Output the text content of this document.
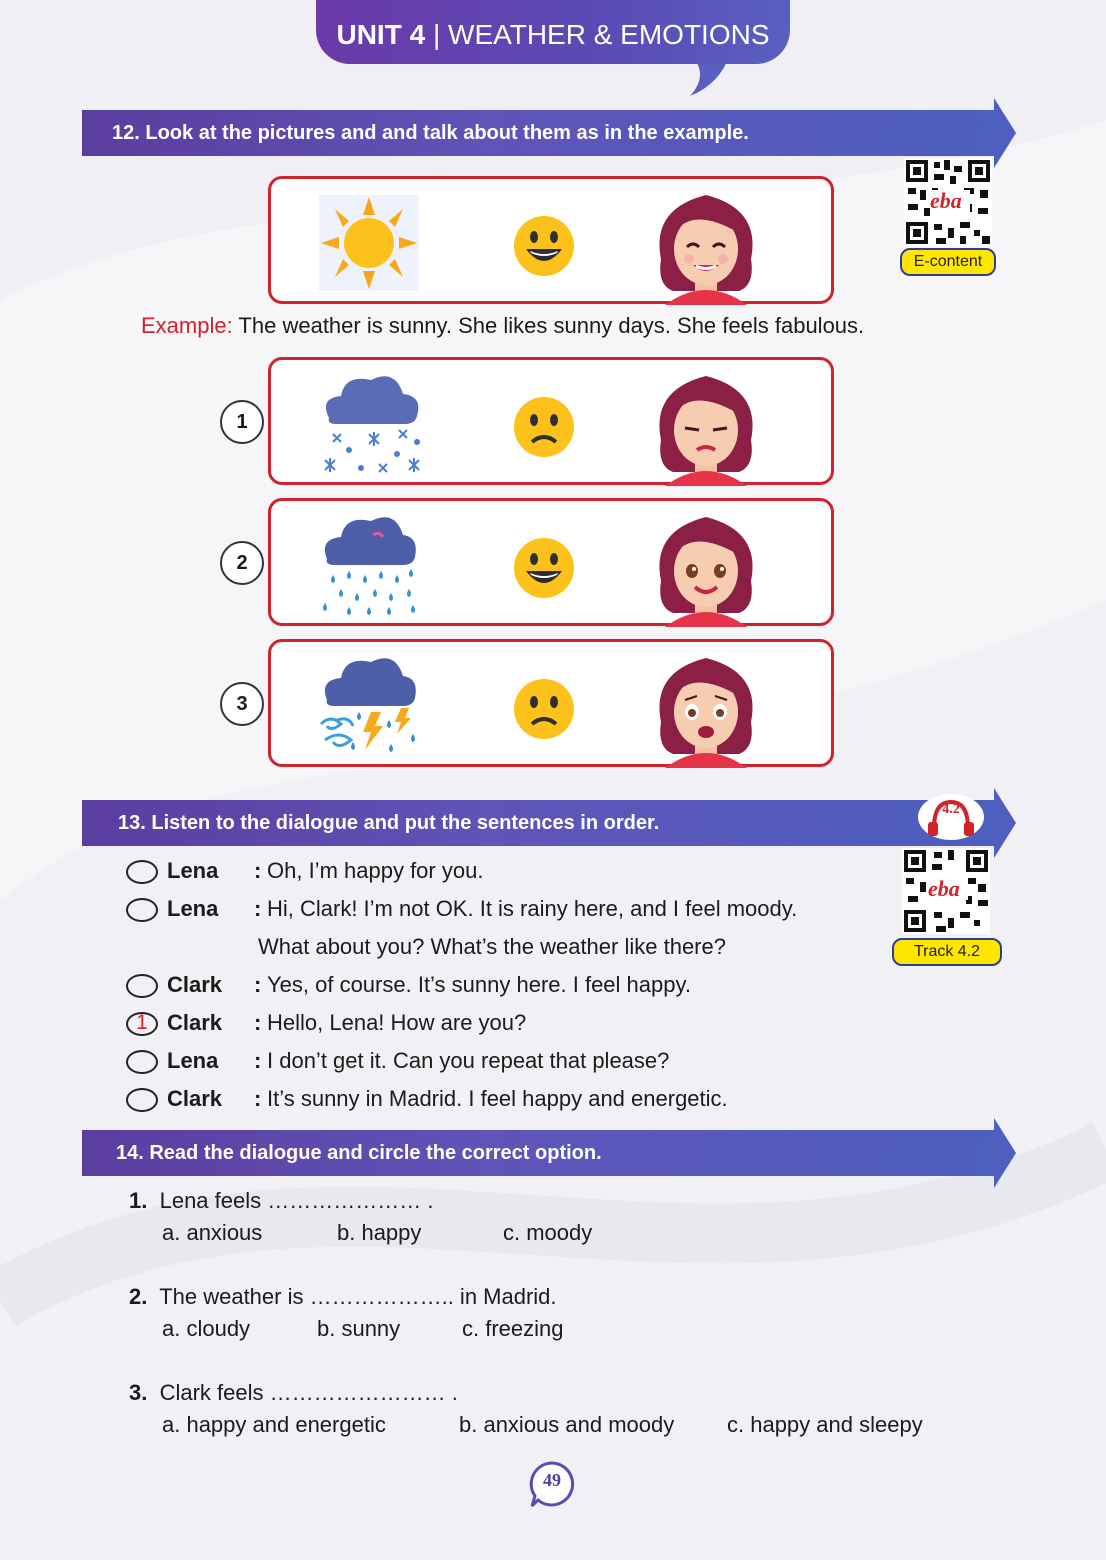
UNIT 4 | WEATHER & EMOTIONS
12. Look at the pictures and and talk about them as in the example.
eba
E-content
Example: The weather is sunny. She likes sunny days. She feels fabulous.
1
2
3
13. Listen to the dialogue and put the sentences in order.
4.2
eba
Track 4.2
Lena : Oh, I’m happy for you.
Lena : Hi, Clark! I’m not OK. It is rainy here, and I feel moody.
What about you? What’s the weather like there?
Clark : Yes, of course. It’s sunny here. I feel happy.
1 Clark : Hello, Lena! How are you?
Lena : I don’t get it. Can you repeat that please?
Clark : It’s sunny in Madrid. I feel happy and energetic.
14. Read the dialogue and circle the correct option.
1. Lena feels ………………… .
a. anxious	b. happy	c. moody
2. The weather is ……………….. in Madrid.
a. cloudy	b. sunny	c. freezing
3. Clark feels …………………… .
a. happy and energetic	b. anxious and moody c. happy and sleepy
49
